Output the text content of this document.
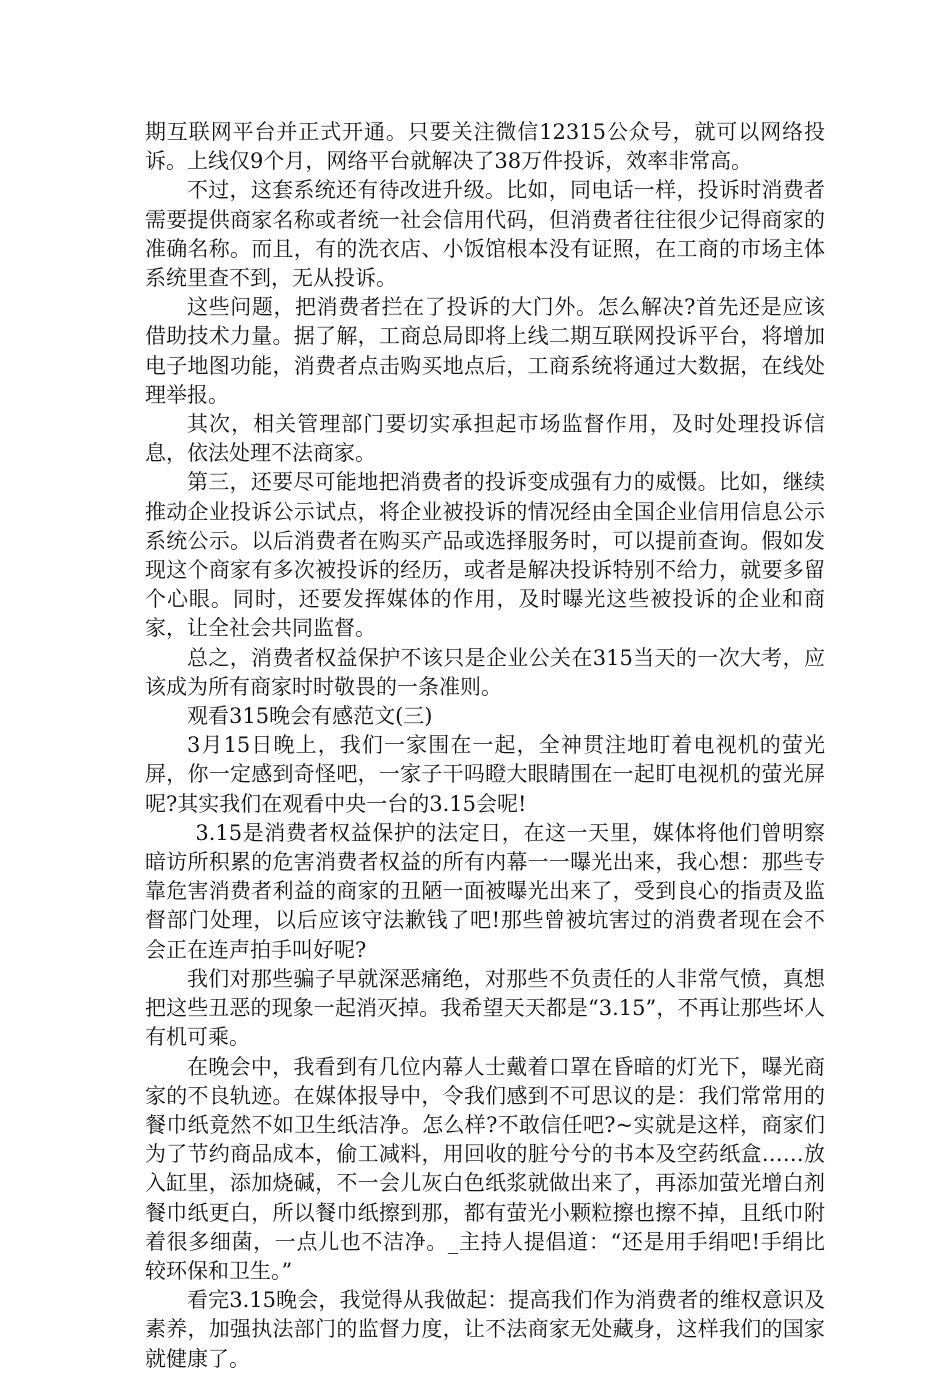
期互联网平台并正式开通。只要关注微信12315公众号，就可以网络投诉。上线仅9个月，网络平台就解决了38万件投诉，效率非常高。

不过，这套系统还有待改进升级。比如，同电话一样，投诉时消费者需要提供商家名称或者统一社会信用代码，但消费者往往很少记得商家的准确名称。而且，有的洗衣店、小饭馆根本没有证照，在工商的市场主体系统里查不到，无从投诉。

这些问题，把消费者拦在了投诉的大门外。怎么解决?首先还是应该借助技术力量。据了解，工商总局即将上线二期互联网投诉平台，将增加电子地图功能，消费者点击购买地点后，工商系统将通过大数据，在线处理举报。

其次，相关管理部门要切实承担起市场监督作用，及时处理投诉信息，依法处理不法商家。

第三，还要尽可能地把消费者的投诉变成强有力的威慑。比如，继续推动企业投诉公示试点，将企业被投诉的情况经由全国企业信用信息公示系统公示。以后消费者在购买产品或选择服务时，可以提前查询。假如发现这个商家有多次被投诉的经历，或者是解决投诉特别不给力，就要多留个心眼。同时，还要发挥媒体的作用，及时曝光这些被投诉的企业和商家，让全社会共同监督。

总之，消费者权益保护不该只是企业公关在315当天的一次大考，应该成为所有商家时时敬畏的一条准则。

观看315晚会有感范文(三)

3月15日晚上，我们一家围在一起，全神贯注地盯着电视机的萤光屏，你一定感到奇怪吧，一家子干吗瞪大眼睛围在一起盯电视机的萤光屏呢?其实我们在观看中央一台的3.15会呢!

3.15是消费者权益保护的法定日，在这一天里，媒体将他们曾明察暗访所积累的危害消费者权益的所有内幕一一曝光出来，我心想：那些专靠危害消费者利益的商家的丑陋一面被曝光出来了，受到良心的指责及监督部门处理，以后应该守法歉钱了吧!那些曾被坑害过的消费者现在会不会正在连声拍手叫好呢?

我们对那些骗子早就深恶痛绝，对那些不负责任的人非常气愤，真想把这些丑恶的现象一起消灭掉。我希望天天都是“3.15”，不再让那些坏人有机可乘。

在晚会中，我看到有几位内幕人士戴着口罩在昏暗的灯光下，曝光商家的不良轨迹。在媒体报导中，令我们感到不可思议的是：我们常常用的餐巾纸竟然不如卫生纸洁净。怎么样?不敢信任吧?~实就是这样，商家们为了节约商品成本，偷工减料，用回收的脏兮兮的书本及空药纸盒……放入缸里，添加烧碱，不一会儿灰白色纸浆就做出来了，再添加萤光增白剂餐巾纸更白，所以餐巾纸擦到那，都有萤光小颗粒擦也擦不掉，且纸巾附着很多细菌，一点儿也不洁净。_主持人提倡道：“还是用手绢吧!手绢比较环保和卫生。”

看完3.15晚会，我觉得从我做起：提高我们作为消费者的维权意识及素养，加强执法部门的监督力度，让不法商家无处藏身，这样我们的国家就健康了。
